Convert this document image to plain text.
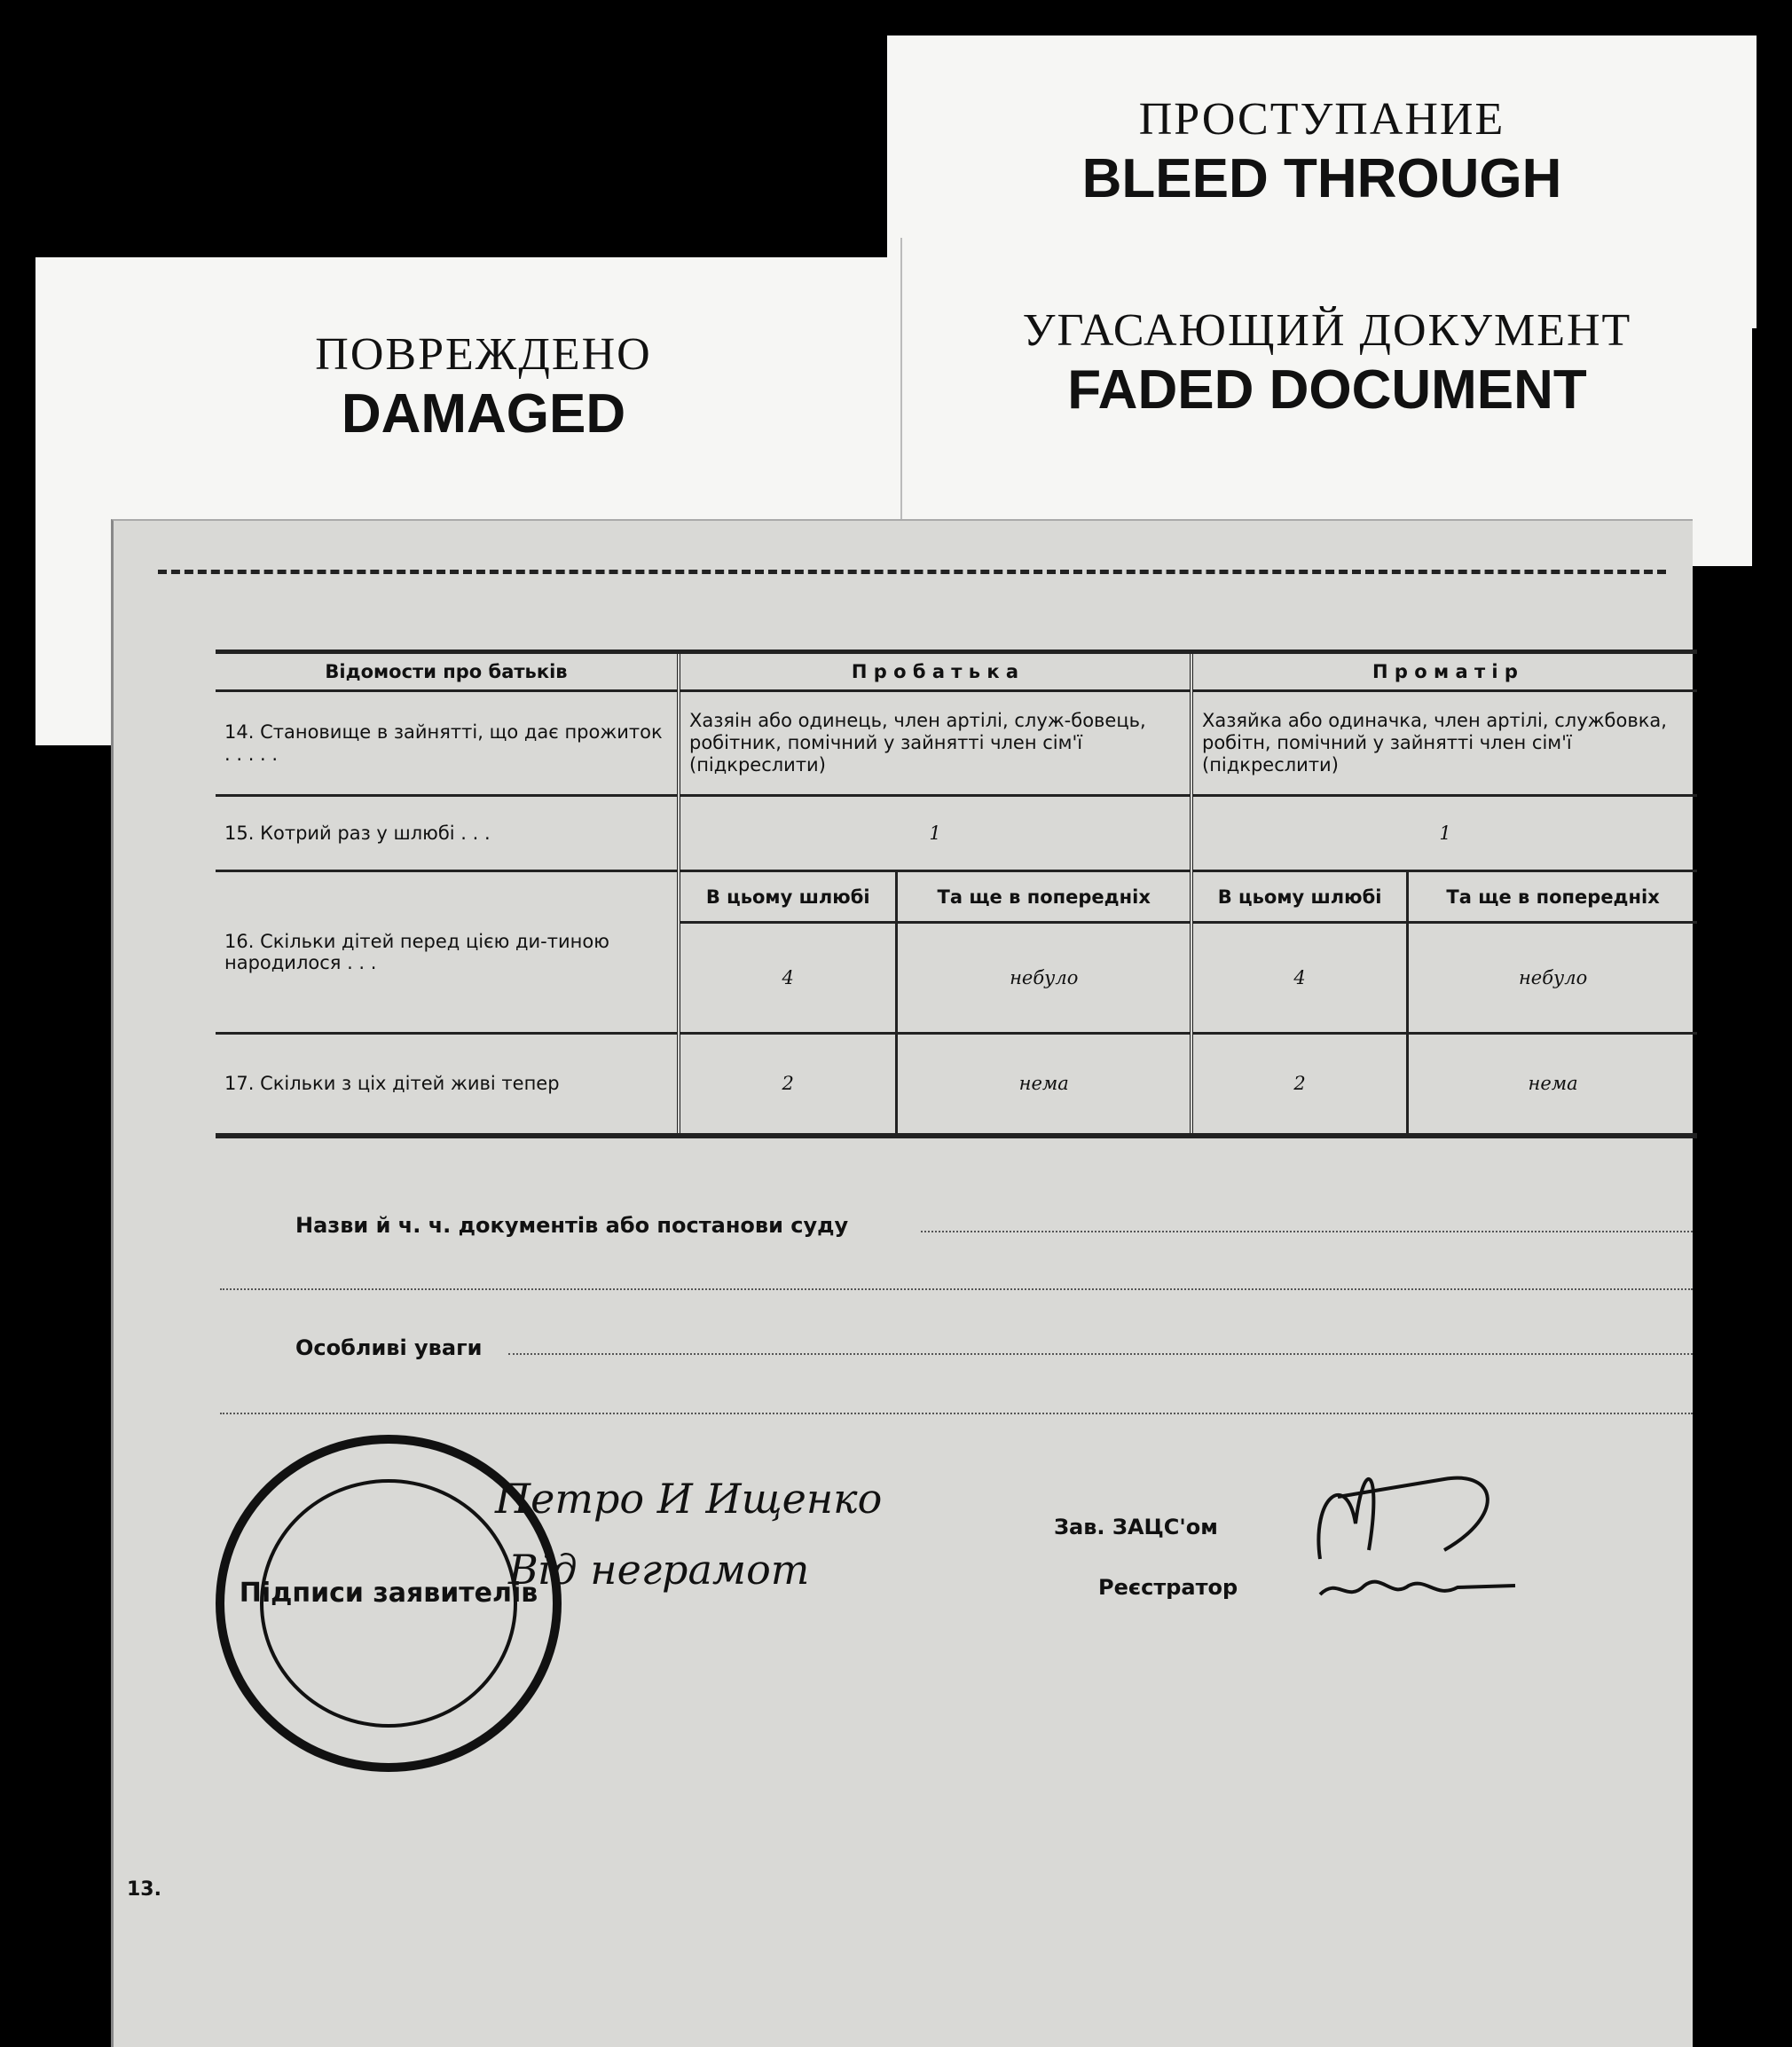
ПОВРЕЖДЕНО
DAMAGED
ПРОСТУПАНИЕ
BLEED THROUGH
УГАСАЮЩИЙ ДОКУМЕНТ
FADED DOCUMENT
Відомости про батьків	П р о б а т ь к а		П р о м а т і р	
14. Становище в зайнятті, що дає прожиток . . . . .	Хазяін або одинець, член артілі, служ-бовець, робітник, помічний у зайнятті член сім'ї (підкреслити)		Хазяйка або одиначка, член артілі, службовка, робітн, помічний у зайнятті член сім'ї (підкреслити)	
15. Котрий раз у шлюбі . . .	1		1	
16. Скільки дітей перед цією ди-тиною народилося . . .	В цьому шлюбі	Та ще в попередніх	В цьому шлюбі	Та ще в попередніх
	4	небуло	4	небуло
17. Скільки з ціх дітей живі тепер	2	нема	2	нема
Назви й ч. ч. документів або постанови суду
Особливі уваги
Підписи заявителів
Петро И Ищенко
Від неграмот
Зав. ЗАЦС'ом
Реєстратор
13.
